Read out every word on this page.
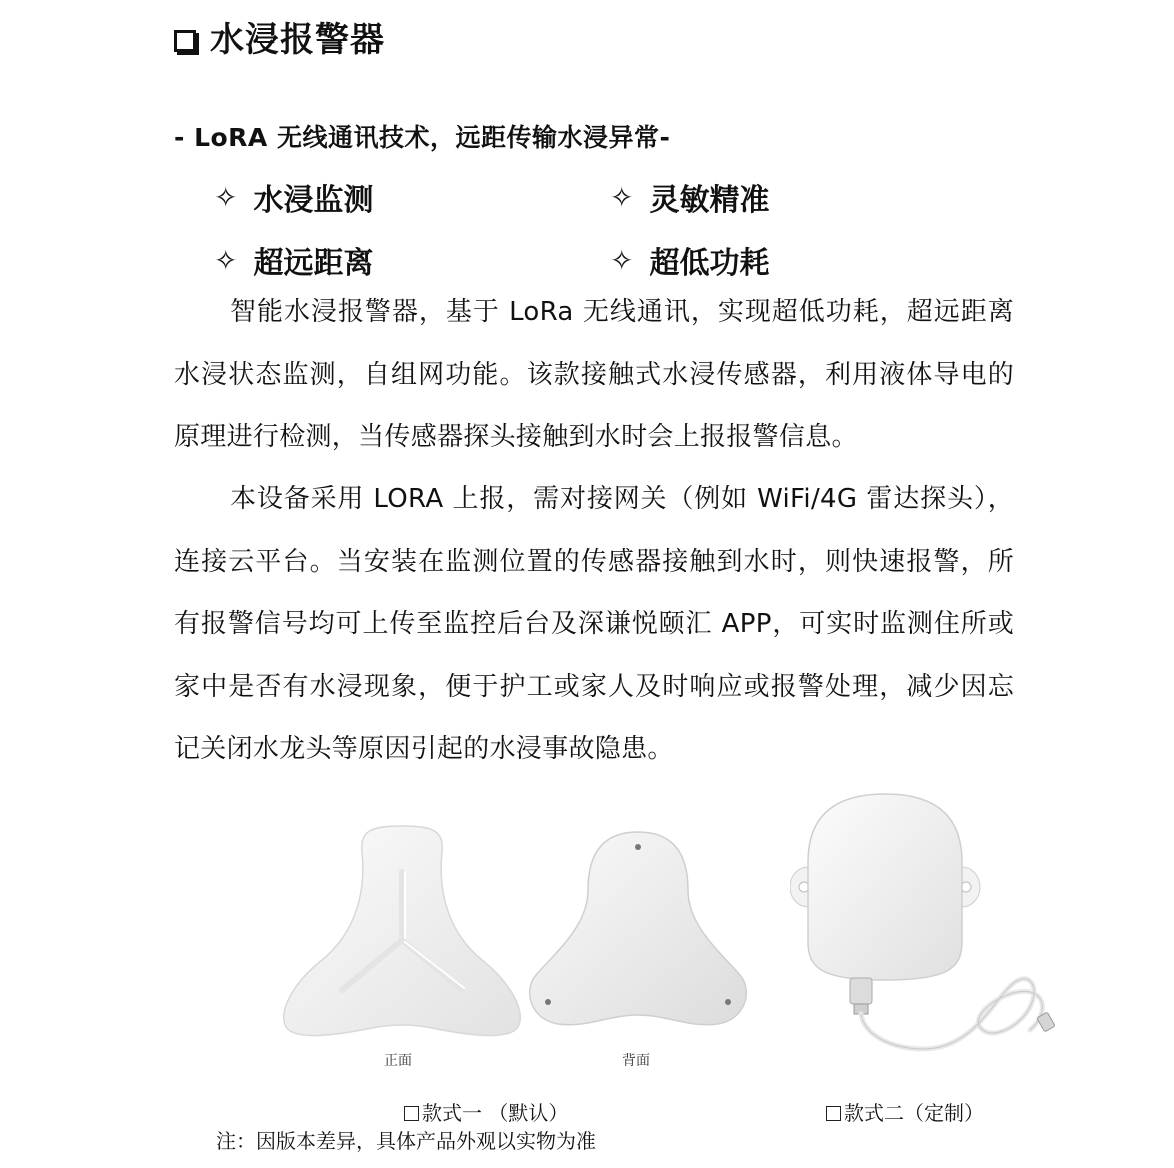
水浸报警器
- LoRA 无线通讯技术，远距传输水浸异常-
✧ 水浸监测	✧ 灵敏精准
✧ 超远距离	✧ 超低功耗
智能水浸报警器，基于 LoRa 无线通讯，实现超低功耗，超远距离水浸状态监测，自组网功能。该款接触式水浸传感器，利用液体导电的原理进行检测，当传感器探头接触到水时会上报报警信息。
本设备采用 LORA 上报，需对接网关（例如 WiFi/4G 雷达探头），连接云平台。当安装在监测位置的传感器接触到水时，则快速报警，所有报警信号均可上传至监控后台及深谦悦颐汇 APP，可实时监测住所或家中是否有水浸现象，便于护工或家人及时响应或报警处理，减少因忘记关闭水龙头等原因引起的水浸事故隐患。
正面	背面
款式一 （默认）	款式二（定制）
注：因版本差异，具体产品外观以实物为准
